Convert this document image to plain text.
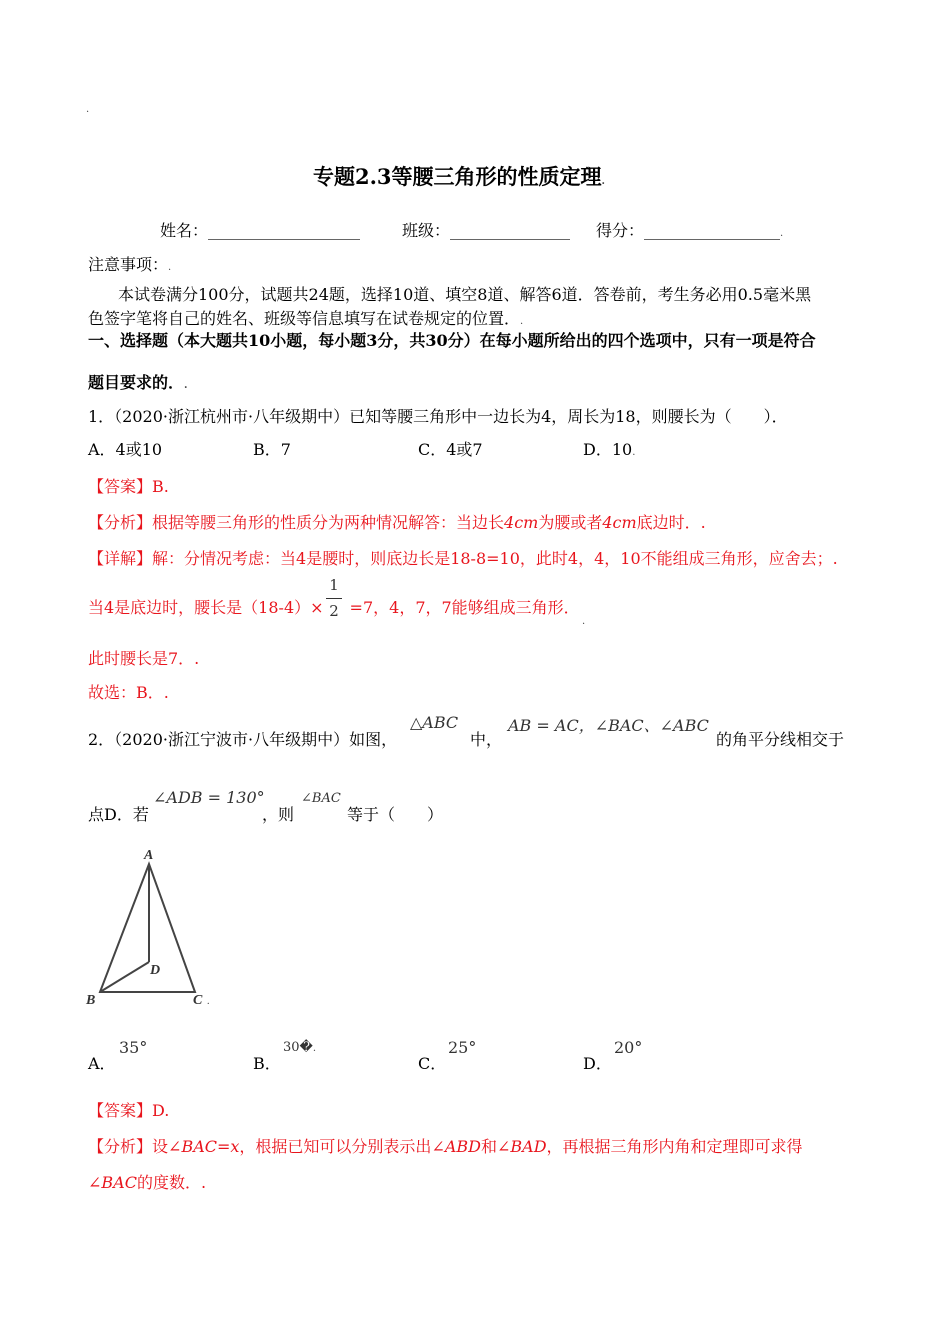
.
专题2.3等腰三角形的性质定理.
姓名：___________________	班级：_______________ 得分：_________________.
注意事项：.
本试卷满分100分，试题共24题，选择10道、填空8道、解答6道．答卷前，考生务必用0.5毫米黑
色签字笔将自己的姓名、班级等信息填写在试卷规定的位置．.
一、选择题（本大题共10小题，每小题3分，共30分）在每小题所给出的四个选项中，只有一项是符合
题目要求的．.
1．（2020·浙江杭州市·八年级期中）已知等腰三角形中一边长为4，周长为18，则腰长为（　　）．
A．4或10	B．7	C．4或7	D．10.
【答案】B.
【分析】根据等腰三角形的性质分为两种情况解答：当边长4cm为腰或者4cm底边时．.
【详解】解：分情况考虑：当4是腰时，则底边长是18-8=10，此时4，4，10不能组成三角形，应舍去；.
当4是底边时，腰长是（18-4）× =7，4，7，7能够组成三角形．
1
2
.
此时腰长是7．.
故选：B．.
2．（2020·浙江宁波市·八年级期中）如图，
△ABC
中，
AB = AC，∠BAC、∠ABC
的角平分线相交于
点D．若
∠ADB = 130°
，则
∠BAC
等于（　　）
A
B	C .
D
A．
35°
B．
30�.
C．
25°
D．
20°
【答案】D.
【分析】设∠BAC=x，根据已知可以分别表示出∠ABD和∠BAD，再根据三角形内角和定理即可求得
∠BAC的度数．.
